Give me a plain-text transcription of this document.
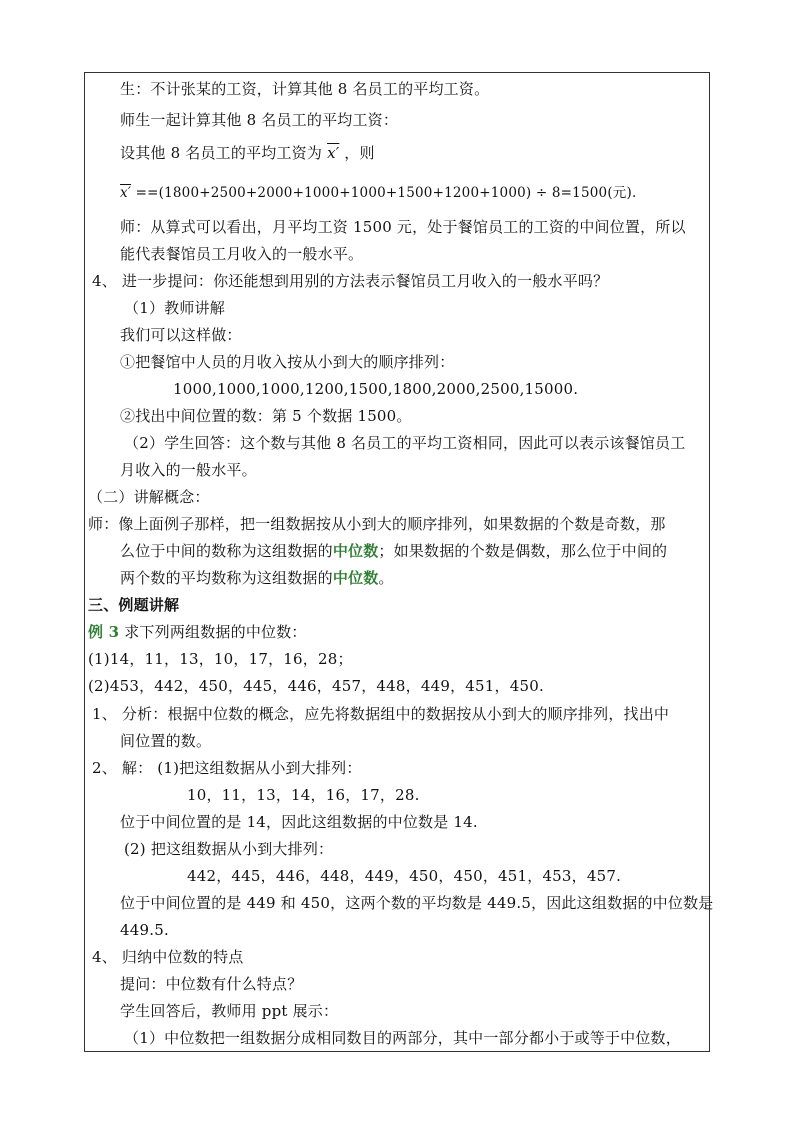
生：不计张某的工资，计算其他 8 名员工的平均工资。
师生一起计算其他 8 名员工的平均工资：
设其他 8 名员工的平均工资为 x′ ，则
x′ ==(1800+2500+2000+1000+1000+1500+1200+1000) ÷ 8=1500(元).
师：从算式可以看出，月平均工资 1500 元，处于餐馆员工的工资的中间位置，所以
能代表餐馆员工月收入的一般水平。
4、 进一步提问：你还能想到用别的方法表示餐馆员工月收入的一般水平吗？
（1）教师讲解
我们可以这样做：
①把餐馆中人员的月收入按从小到大的顺序排列：
1000,1000,1000,1200,1500,1800,2000,2500,15000.
②找出中间位置的数：第 5 个数据 1500。
（2）学生回答：这个数与其他 8 名员工的平均工资相同，因此可以表示该餐馆员工
月收入的一般水平。
（二）讲解概念：
师：像上面例子那样，把一组数据按从小到大的顺序排列，如果数据的个数是奇数，那
么位于中间的数称为这组数据的中位数；如果数据的个数是偶数，那么位于中间的
两个数的平均数称为这组数据的中位数。
三、例题讲解
例 3 求下列两组数据的中位数：
(1)14，11，13，10，17，16，28；
(2)453，442，450，445，446，457，448，449，451，450.
1、 分析：根据中位数的概念，应先将数据组中的数据按从小到大的顺序排列，找出中
间位置的数。
2、 解： (1)把这组数据从小到大排列：
10，11，13，14，16，17，28.
位于中间位置的是 14，因此这组数据的中位数是 14.
(2) 把这组数据从小到大排列：
442，445，446，448，449，450，450，451，453，457.
位于中间位置的是 449 和 450，这两个数的平均数是 449.5，因此这组数据的中位数是
449.5.
4、 归纳中位数的特点
提问：中位数有什么特点？
学生回答后，教师用 ppt 展示：
（1）中位数把一组数据分成相同数目的两部分，其中一部分都小于或等于中位数，
